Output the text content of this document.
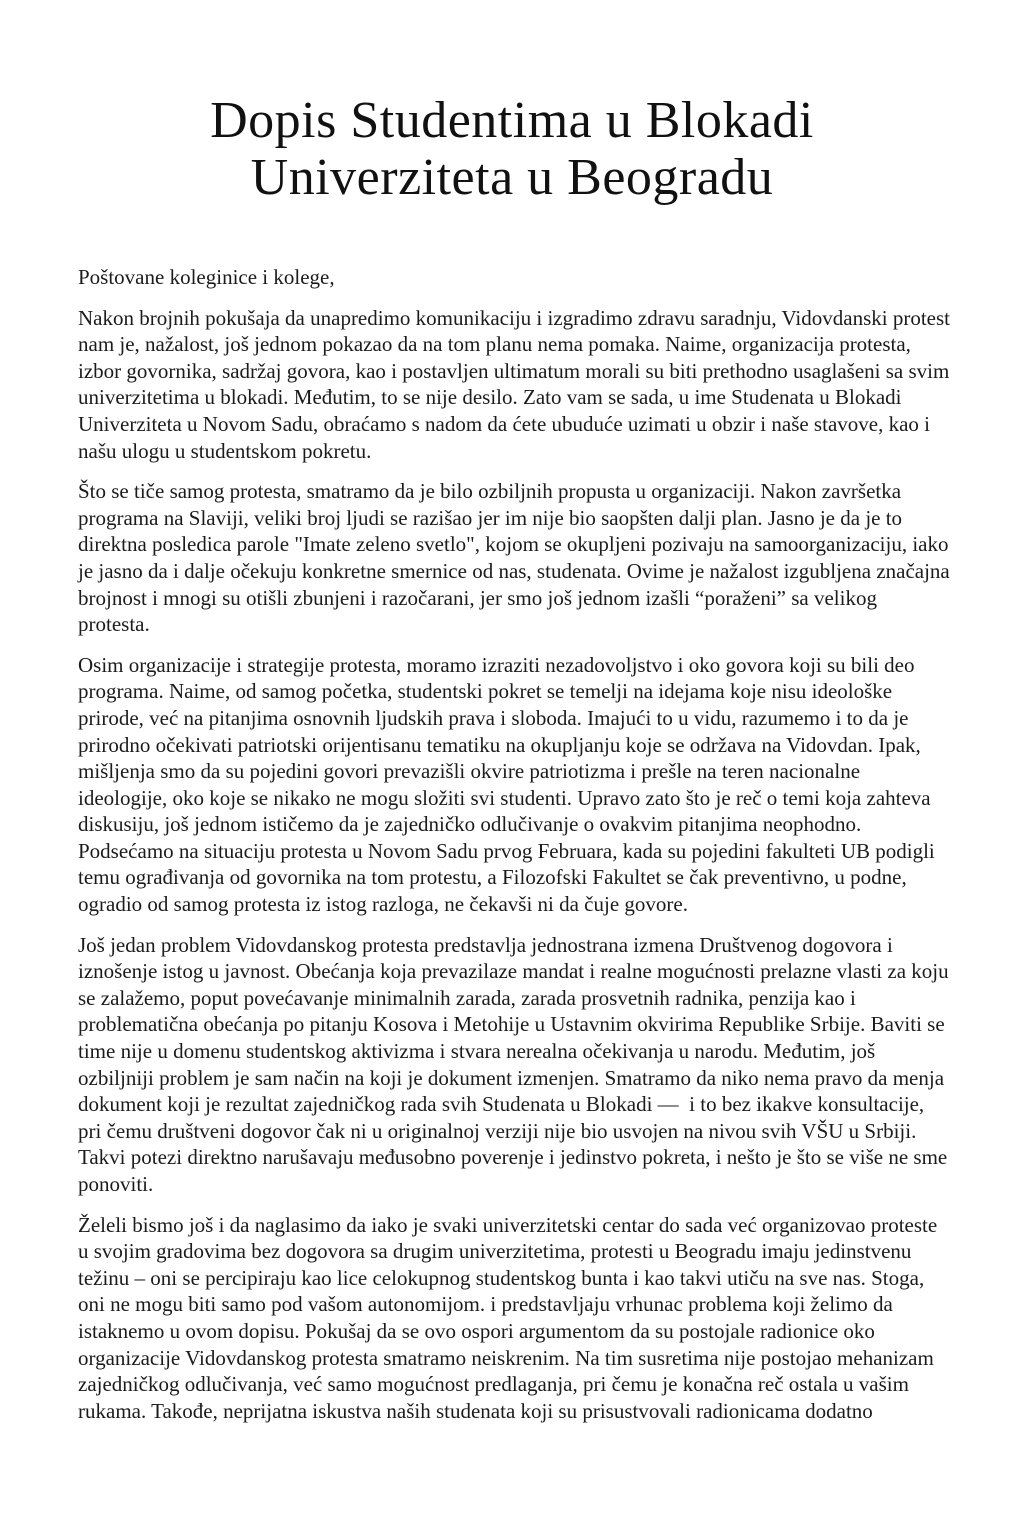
Dopis Studentima u Blokadi
Univerziteta u Beogradu

Poštovane koleginice i kolege,

Nakon brojnih pokušaja da unapredimo komunikaciju i izgradimo zdravu saradnju, Vidovdanski protest nam je, nažalost, još jednom pokazao da na tom planu nema pomaka. Naime, organizacija protesta, izbor govornika, sadržaj govora, kao i postavljen ultimatum morali su biti prethodno usaglašeni sa svim univerzitetima u blokadi. Međutim, to se nije desilo. Zato vam se sada, u ime Studenata u Blokadi Univerziteta u Novom Sadu, obraćamo s nadom da ćete ubuduće uzimati u obzir i naše stavove, kao i našu ulogu u studentskom pokretu.

Što se tiče samog protesta, smatramo da je bilo ozbiljnih propusta u organizaciji. Nakon završetka programa na Slaviji, veliki broj ljudi se razišao jer im nije bio saopšten dalji plan. Jasno je da je to direktna posledica parole "Imate zeleno svetlo", kojom se okupljeni pozivaju na samoorganizaciju, iako je jasno da i dalje očekuju konkretne smernice od nas, studenata. Ovime je nažalost izgubljena značajna brojnost i mnogi su otišli zbunjeni i razočarani, jer smo još jednom izašli “poraženi” sa velikog protesta.

Osim organizacije i strategije protesta, moramo izraziti nezadovoljstvo i oko govora koji su bili deo programa. Naime, od samog početka, studentski pokret se temelji na idejama koje nisu ideološke prirode, već na pitanjima osnovnih ljudskih prava i sloboda. Imajući to u vidu, razumemo i to da je prirodno očekivati patriotski orijentisanu tematiku na okupljanju koje se održava na Vidovdan. Ipak, mišljenja smo da su pojedini govori prevazišli okvire patriotizma i prešle na teren nacionalne ideologije, oko koje se nikako ne mogu složiti svi studenti. Upravo zato što je reč o temi koja zahteva diskusiju, još jednom ističemo da je zajedničko odlučivanje o ovakvim pitanjima neophodno. Podsećamo na situaciju protesta u Novom Sadu prvog Februara, kada su pojedini fakulteti UB podigli temu ograđivanja od govornika na tom protestu, a Filozofski Fakultet se čak preventivno, u podne, ogradio od samog protesta iz istog razloga, ne čekavši ni da čuje govore.

Još jedan problem Vidovdanskog protesta predstavlja jednostrana izmena Društvenog dogovora i iznošenje istog u javnost. Obećanja koja prevazilaze mandat i realne mogućnosti prelazne vlasti za koju se zalažemo, poput povećavanje minimalnih zarada, zarada prosvetnih radnika, penzija kao i problematična obećanja po pitanju Kosova i Metohije u Ustavnim okvirima Republike Srbije. Baviti se time nije u domenu studentskog aktivizma i stvara nerealna očekivanja u narodu. Međutim, još ozbiljniji problem je sam način na koji je dokument izmenjen. Smatramo da niko nema pravo da menja dokument koji je rezultat zajedničkog rada svih Studenata u Blokadi —  i to bez ikakve konsultacije, pri čemu društveni dogovor čak ni u originalnoj verziji nije bio usvojen na nivou svih VŠU u Srbiji. Takvi potezi direktno narušavaju međusobno poverenje i jedinstvo pokreta, i nešto je što se više ne sme ponoviti.

Želeli bismo još i da naglasimo da iako je svaki univerzitetski centar do sada već organizovao proteste u svojim gradovima bez dogovora sa drugim univerzitetima, protesti u Beogradu imaju jedinstvenu težinu – oni se percipiraju kao lice celokupnog studentskog bunta i kao takvi utiču na sve nas. Stoga, oni ne mogu biti samo pod vašom autonomijom. i predstavljaju vrhunac problema koji želimo da istaknemo u ovom dopisu. Pokušaj da se ovo ospori argumentom da su postojale radionice oko organizacije Vidovdanskog protesta smatramo neiskrenim. Na tim susretima nije postojao mehanizam zajedničkog odlučivanja, već samo mogućnost predlaganja, pri čemu je konačna reč ostala u vašim rukama. Takođe, neprijatna iskustva naših studenata koji su prisustvovali radionicama dodatno
